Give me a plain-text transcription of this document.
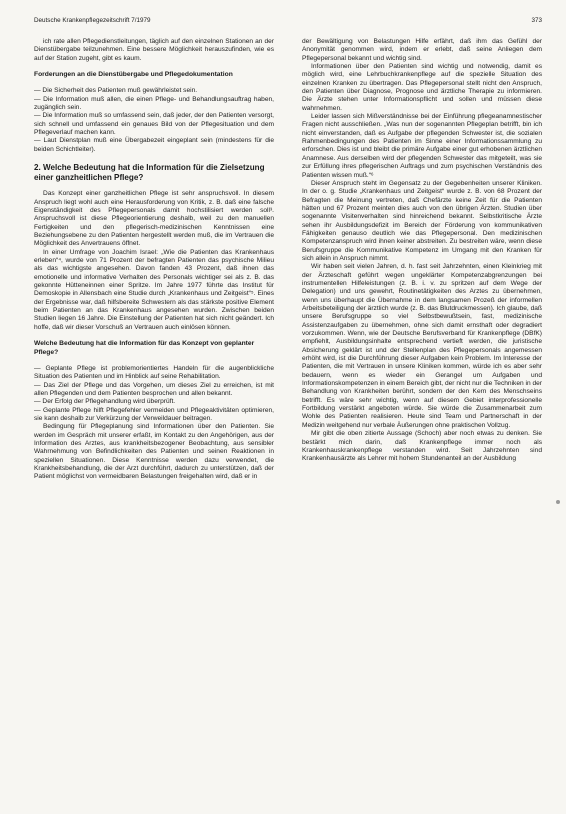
Deutsche Krankenpflegezeitschrift 7/1979	373

ich rate allen Pflegedienstleitungen, täglich auf den einzelnen Stationen an der Dienstübergabe teilzunehmen. Eine bessere Möglichkeit herauszufinden, wie es auf der Station zugeht, gibt es kaum.

Forderungen an die Dienstübergabe und Pflegedokumentation
— Die Sicherheit des Patienten muß gewährleistet sein.
— Die Information muß allen, die einen Pflege- und Behandlungsauftrag haben, zugänglich sein.
— Die Information muß so umfassend sein, daß jeder, der den Patienten versorgt, sich schnell und umfassend ein genaues Bild von der Pflegesituation und dem Pflegeverlauf machen kann.
— Laut Dienstplan muß eine Übergabezeit eingeplant sein (mindestens für die beiden Schichtleiter).
2. Welche Bedeutung hat die Information für die Zielsetzung einer ganzheitlichen Pflege?

Das Konzept einer ganzheitlichen Pflege ist sehr anspruchsvoll. In diesem Anspruch liegt wohl auch eine Herausforderung von Kritik, z. B. daß eine falsche Eigenständigkeit des Pflegepersonals damit hochstilisiert werden soll³. Anspruchsvoll ist diese Pflegeorientierung deshalb, weil zu den manuellen Fertigkeiten und den pflegerisch-medizinischen Kenntnissen eine Beziehungsebene zu den Patienten hergestellt werden muß, die im Vertrauen die Möglichkeit des Anvertrauens öffnet.

In einer Umfrage von Joachim Israel: „Wie die Patienten das Krankenhaus erleben“⁴, wurde von 71 Prozent der befragten Patienten das psychische Milieu als das wichtigste angesehen. Davon fanden 43 Prozent, daß ihnen das emotionelle und informative Verhalten des Personals wichtiger sei als z. B. das gekonnte Hütteneinnen einer Spritze. Im Jahre 1977 führte das Institut für Demoskopie in Allensbach eine Studie durch „Krankenhaus und Zeitgeist“⁵. Eines der Ergebnisse war, daß hilfsbereite Schwestern als das stärkste positive Element beim Patienten an das Krankenhaus angesehen wurden. Zwischen beiden Studien liegen 16 Jahre. Die Einstellung der Patienten hat sich nicht geändert. Ich hoffe, daß wir dieser Vorschuß an Vertrauen auch einlösen können.

Welche Bedeutung hat die Information für das Konzept von geplanter Pflege?
— Geplante Pflege ist problemorientiertes Handeln für die augenblickliche Situation des Patienten und im Hinblick auf seine Rehabilitation.
— Das Ziel der Pflege und das Vorgehen, um dieses Ziel zu erreichen, ist mit allen Pflegenden und dem Patienten besprochen und allen bekannt.
— Der Erfolg der Pflegehandlung wird überprüft.
— Geplante Pflege hilft Pflegefehler vermeiden und Pflegeaktivitäten optimieren, sie kann deshalb zur Verkürzung der Verweildauer beitragen.

Bedingung für Pflegeplanung sind Informationen über den Patienten. Sie werden im Gespräch mit unserer erfaßt, im Kontakt zu den Angehörigen, aus der Information des Arztes, aus krankheitsbezogener Beobachtung, aus sensibler Wahrnehmung von Befindlichkeiten des Patienten und seinen Reaktionen in speziellen Situationen. Diese Kenntnisse werden dazu verwendet, die Krankheitsbehandlung, die der Arzt durchführt, dadurch zu unterstützen, daß der Patient möglichst von vermeidbaren Belastungen freigehalten wird, daß er in

der Bewältigung von Belastungen Hilfe erfährt, daß ihm das Gefühl der Anonymität genommen wird, indem er erlebt, daß seine Anliegen dem Pflegepersonal bekannt und wichtig sind.

Informationen über den Patienten sind wichtig und notwendig, damit es möglich wird, eine Lehrbuchkrankenpflege auf die spezielle Situation des einzelnen Kranken zu übertragen. Das Pflegepersonal stellt nicht den Anspruch, den Patienten über Diagnose, Prognose und ärztliche Therapie zu informieren. Die Ärzte stehen unter Informationspflicht und sollen und müssen diese wahrnehmen.

Leider lassen sich Mißverständnisse bei der Einführung pflegeanamnestischer Fragen nicht ausschließen. „Was nun der sogenannten Pflegeplan betrifft, bin ich nicht einverstanden, daß es Aufgabe der pflegenden Schwester ist, die sozialen Rahmenbedingungen des Patienten im Sinne einer Informationssammlung zu erforschen. Dies ist und bleibt die primäre Aufgabe einer gut erhobenen ärztlichen Anamnese. Aus derselben wird der pflegenden Schwester das mitgeteilt, was sie zur Erfüllung ihres pflegerischen Auftrags und zum psychischen Verständnis des Patienten wissen muß.“⁶

Dieser Anspruch steht im Gegensatz zu der Gegebenheiten unserer Kliniken. In der o. g. Studie „Krankenhaus und Zeitgeist“ wurde z. B. von 68 Prozent der Befragten die Meinung vertreten, daß Chefärzte keine Zeit für die Patienten hätten und 67 Prozent meinten dies auch von den übrigen Ärzten. Studien über sogenannte Visitenverhalten sind hinreichend bekannt. Selbstkritische Ärzte sehen ihr Ausbildungsdefizit im Bereich der Förderung von kommunikativen Fähigkeiten genauso deutlich wie das Pflegepersonal. Den medizinischen Kompetenzanspruch wird ihnen keiner abstreiten. Zu bestreiten wäre, wenn diese Berufsgruppe die Kommunikative Kompetenz im Umgang mit den Kranken für sich allein in Anspruch nimmt.

Wir haben seit vielen Jahren, d. h. fast seit Jahrzehnten, einen Kleinkrieg mit der Ärzteschaft geführt wegen ungeklärter Kompetenzabgrenzungen bei instrumentellen Hilfeleistungen (z. B. i. v. zu spritzen auf dem Wege der Delegation) und uns gewehrt, Routinetätigkeiten des Arztes zu übernehmen, wenn uns überhaupt die Übernahme in dem langsamen Prozeß der informellen Arbeitsbeteiligung der ärztlich wurde (z. B. das Blutdruckmessen). Ich glaube, daß unsere Berufsgruppe so viel Selbstbewußtsein, fast, medizinische Assistenzaufgaben zu übernehmen, ohne sich damit ernsthaft oder degradiert vorzukommen. Wenn, wie der Deutsche Berufsverband für Krankenpflege (DBfK) empfiehlt, Ausbildungsinhalte entsprechend vertieft werden, die juristische Absicherung geklärt ist und der Stellenplan des Pflegepersonals angemessen erhöht wird, ist die Durchführung dieser Aufgaben kein Problem. Im Interesse der Patienten, die mit Vertrauen in unsere Kliniken kommen, würde ich es aber sehr bedauern, wenn es wieder ein Gerangel um Aufgaben und Informationskompetenzen in einem Bereich gibt, der nicht nur die Techniken in der Behandlung von Krankheiten berührt, sondern der den Kern des Menschseins betrifft. Es wäre sehr wichtig, wenn auf diesem Gebiet interprofessionelle Fortbildung verstärkt angeboten würde. Sie würde die Zusammenarbeit zum Wohle des Patienten realisieren. Heute sind Team und Partnerschaft in der Medizin weitgehend nur verbale Äußerungen ohne praktischen Vollzug.

Mir gibt die oben zitierte Aussage (Schoch) aber noch etwas zu denken. Sie bestärkt mich darin, daß Krankenpflege immer noch als Krankenhauskrankenpflege verstanden wird. Seit Jahrzehnten sind Krankenhausärzte als Lehrer mit hohem Stundenanteil an der Ausbildung
